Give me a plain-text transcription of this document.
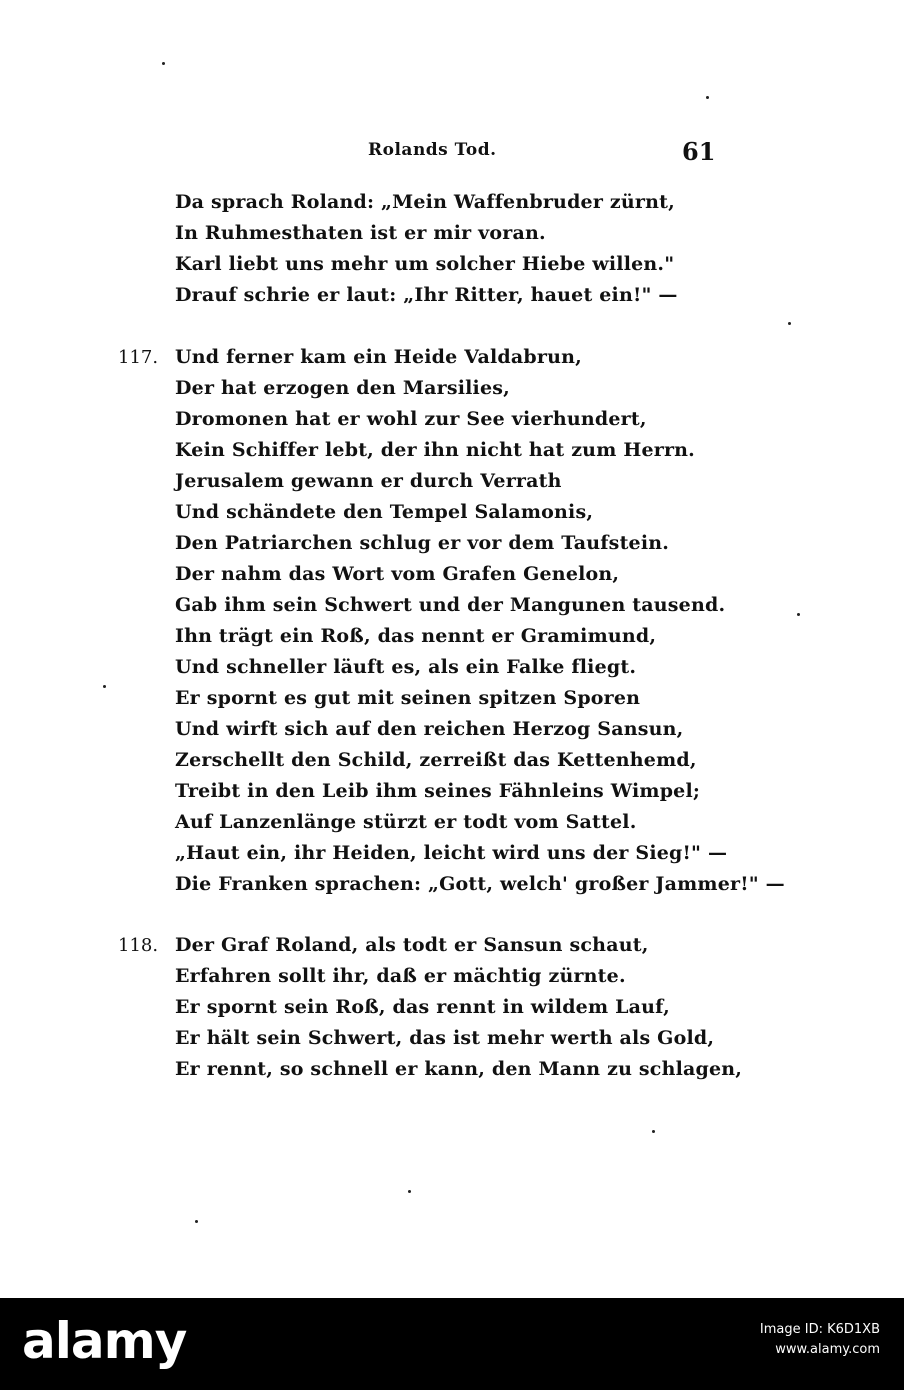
Rolands Tod.	61
Da sprach Roland: „Mein Waffenbruder zürnt,
In Ruhmesthaten ist er mir voran.
Karl liebt uns mehr um solcher Hiebe willen."
Drauf schrie er laut: „Ihr Ritter, hauet ein!" —
117. Und ferner kam ein Heide Valdabrun,
Der hat erzogen den Marsilies,
Dromonen hat er wohl zur See vierhundert,
Kein Schiffer lebt, der ihn nicht hat zum Herrn.
Jerusalem gewann er durch Verrath
Und schändete den Tempel Salamonis,
Den Patriarchen schlug er vor dem Taufstein.
Der nahm das Wort vom Grafen Genelon,
Gab ihm sein Schwert und der Mangunen tausend.
Ihn trägt ein Roß, das nennt er Gramimund,
Und schneller läuft es, als ein Falke fliegt.
Er spornt es gut mit seinen spitzen Sporen
Und wirft sich auf den reichen Herzog Sansun,
Zerschellt den Schild, zerreißt das Kettenhemd,
Treibt in den Leib ihm seines Fähnleins Wimpel;
Auf Lanzenlänge stürzt er todt vom Sattel.
„Haut ein, ihr Heiden, leicht wird uns der Sieg!" —
Die Franken sprachen: „Gott, welch' großer Jammer!" —
118. Der Graf Roland, als todt er Sansun schaut,
Erfahren sollt ihr, daß er mächtig zürnte.
Er spornt sein Roß, das rennt in wildem Lauf,
Er hält sein Schwert, das ist mehr werth als Gold,
Er rennt, so schnell er kann, den Mann zu schlagen,
alamy	Image ID: K6D1XB
www.alamy.com
